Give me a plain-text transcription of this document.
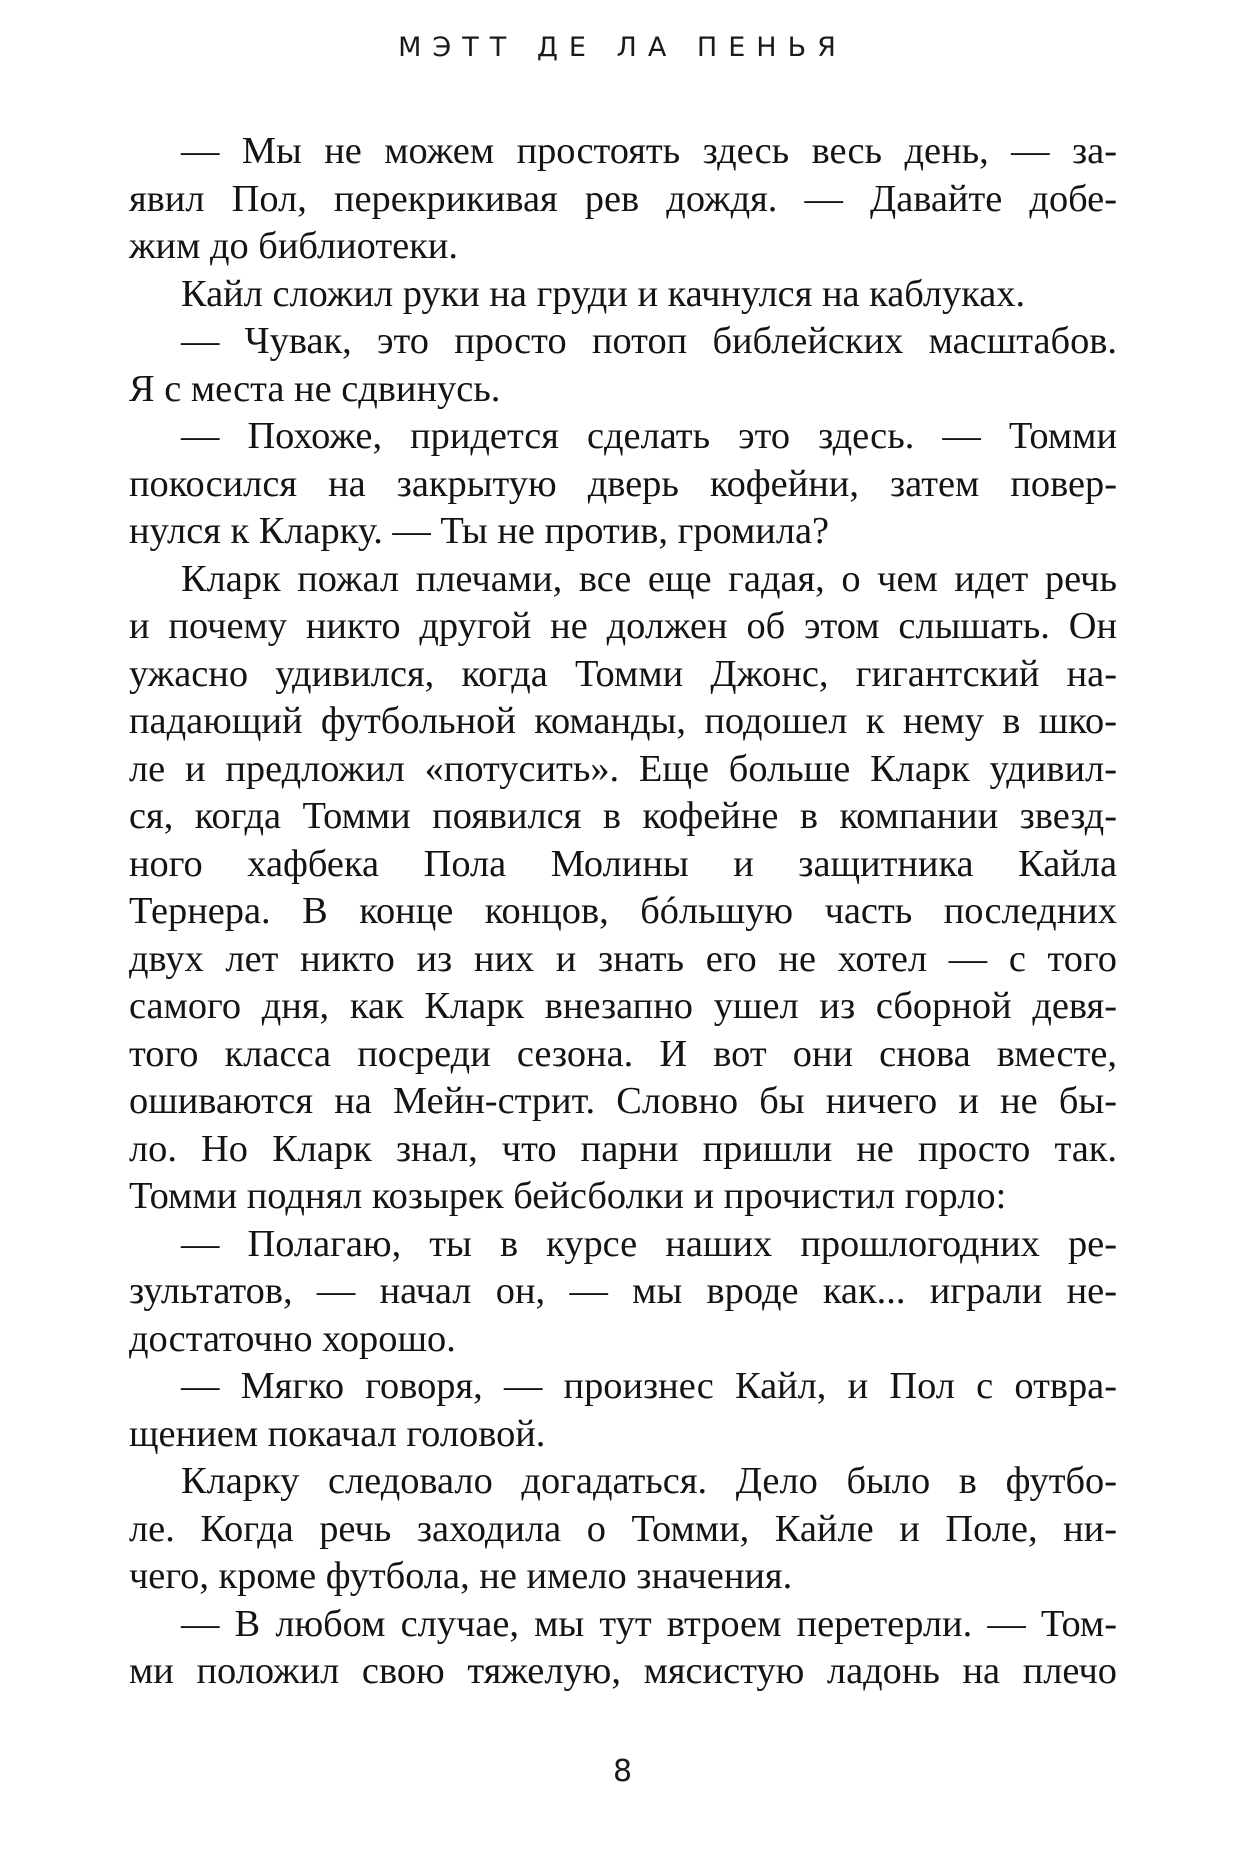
МЭТТ ДЕ ЛА ПЕНЬЯ
— Мы не можем простоять здесь весь день, — за-
явил Пол, перекрикивая рев дождя. — Давайте добе-
жим до библиотеки.
Кайл сложил руки на груди и качнулся на каблуках.
— Чувак, это просто потоп библейских масштабов.
Я с места не сдвинусь.
— Похоже, придется сделать это здесь. — Томми
покосился на закрытую дверь кофейни, затем повер-
нулся к Кларку. — Ты не против, громила?
Кларк пожал плечами, все еще гадая, о чем идет речь
и почему никто другой не должен об этом слышать. Он
ужасно удивился, когда Томми Джонс, гигантский на-
падающий футбольной команды, подошел к нему в шко-
ле и предложил «потусить». Еще больше Кларк удивил-
ся, когда Томми появился в кофейне в компании звезд-
ного хафбека Пола Молины и защитника Кайла
Тернера. В конце концов, бóльшую часть последних
двух лет никто из них и знать его не хотел — с того
самого дня, как Кларк внезапно ушел из сборной девя-
того класса посреди сезона. И вот они снова вместе,
ошиваются на Мейн-стрит. Словно бы ничего и не бы-
ло. Но Кларк знал, что парни пришли не просто так.
Томми поднял козырек бейсболки и прочистил горло:
— Полагаю, ты в курсе наших прошлогодних ре-
зультатов, — начал он, — мы вроде как... играли не-
достаточно хорошо.
— Мягко говоря, — произнес Кайл, и Пол с отвра-
щением покачал головой.
Кларку следовало догадаться. Дело было в футбо-
ле. Когда речь заходила о Томми, Кайле и Поле, ни-
чего, кроме футбола, не имело значения.
— В любом случае, мы тут втроем перетерли. — Том-
ми положил свою тяжелую, мясистую ладонь на плечо
8
